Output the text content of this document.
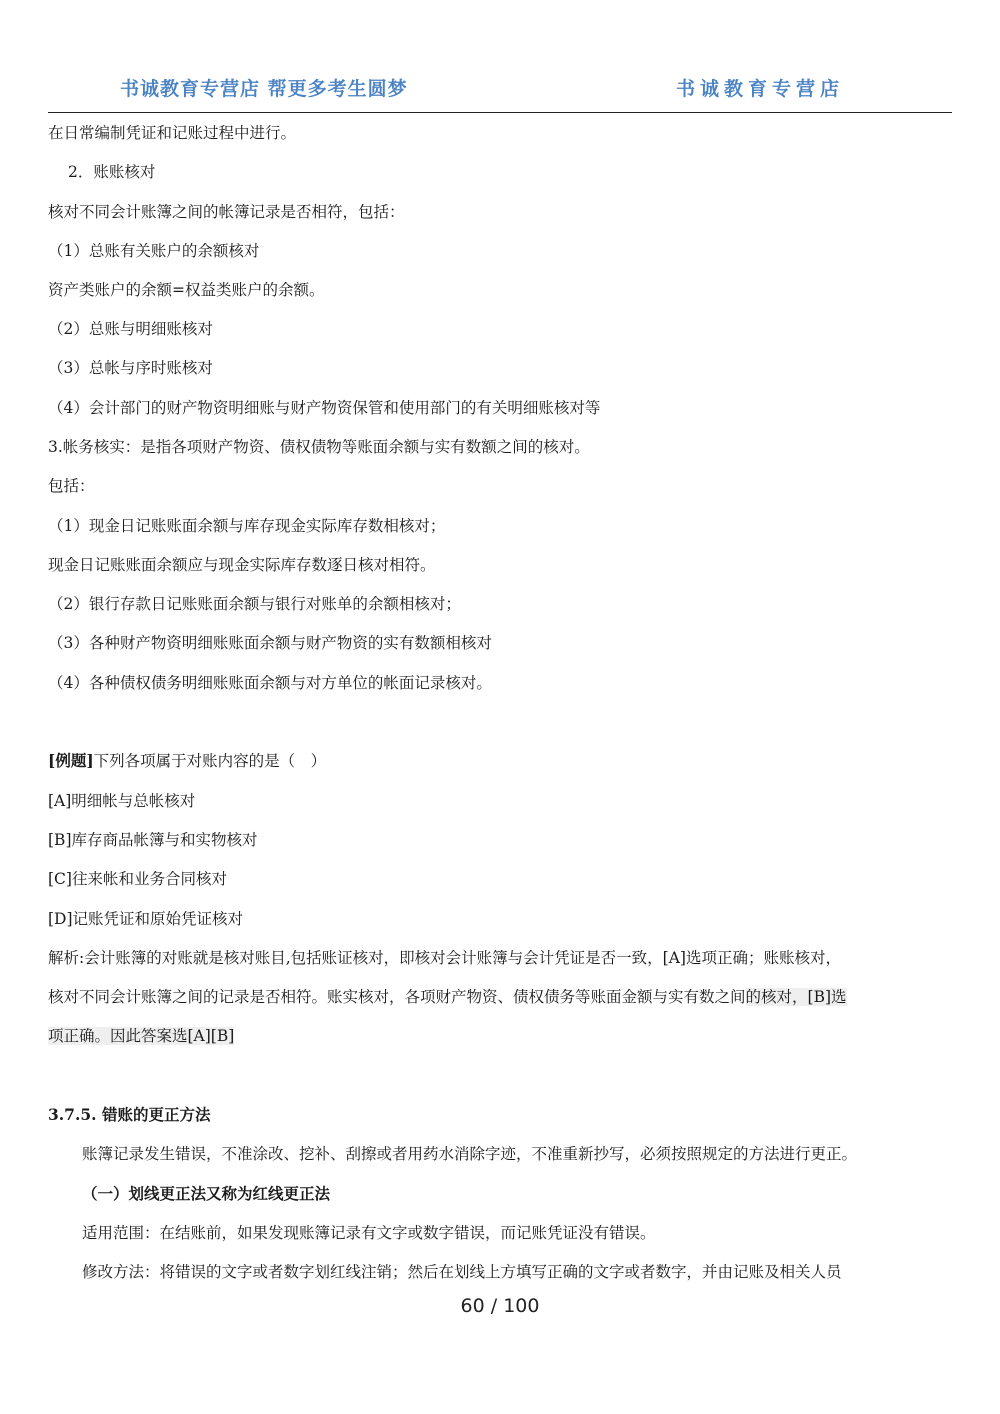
书诚教育专营店 帮更多考生圆梦	书诚教育专营店
在日常编制凭证和记账过程中进行。
2．账账核对
核对不同会计账簿之间的帐簿记录是否相符，包括：
（1）总账有关账户的余额核对
资产类账户的余额=权益类账户的余额。
（2）总账与明细账核对
（3）总帐与序时账核对
（4）会计部门的财产物资明细账与财产物资保管和使用部门的有关明细账核对等
3.帐务核实：是指各项财产物资、债权债物等账面余额与实有数额之间的核对。
包括：
（1）现金日记账账面余额与库存现金实际库存数相核对；
现金日记账账面余额应与现金实际库存数逐日核对相符。
（2）银行存款日记账账面余额与银行对账单的余额相核对；
（3）各种财产物资明细账账面余额与财产物资的实有数额相核对
（4）各种债权债务明细账账面余额与对方单位的帐面记录核对。
[例题]下列各项属于对账内容的是（　）
[A]明细帐与总帐核对
[B]库存商品帐簿与和实物核对
[C]往来帐和业务合同核对
[D]记账凭证和原始凭证核对
解析:会计账簿的对账就是核对账目,包括账证核对，即核对会计账簿与会计凭证是否一致，[A]选项正确；账账核对，
核对不同会计账簿之间的记录是否相符。账实核对，各项财产物资、债权债务等账面金额与实有数之间的核对，[B]选
项正确。因此答案选[A][B]
3.7.5. 错账的更正方法
账簿记录发生错误，不准涂改、挖补、刮擦或者用药水消除字迹，不准重新抄写，必须按照规定的方法进行更正。
（一）划线更正法又称为红线更正法
适用范围：在结账前，如果发现账簿记录有文字或数字错误，而记账凭证没有错误。
修改方法：将错误的文字或者数字划红线注销；然后在划线上方填写正确的文字或者数字，并由记账及相关人员
60 / 100
